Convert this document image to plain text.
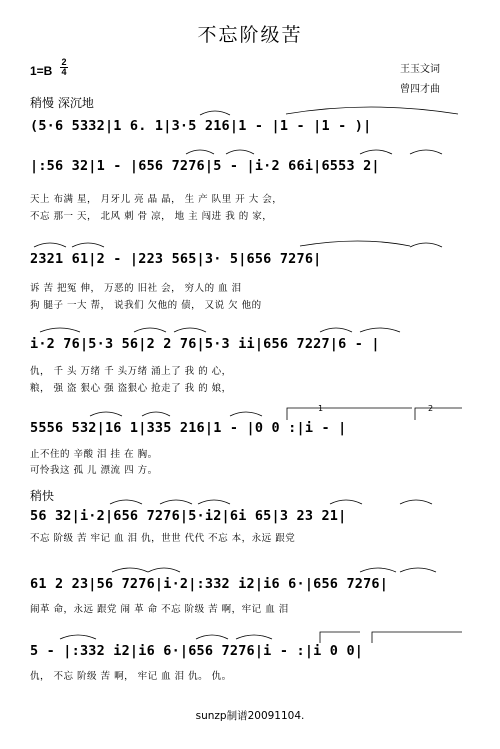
不忘阶级苦
1=B
2
4	王玉文词
曾四才曲
稍慢 深沉地
(5·6 5332|1 6. 1|3·5 216|1 - |1 - |1 - )|
|:56 32|1 - |656 7276|5 - |i·2 66i|6553 2|
天上 布满 星， 月牙儿 亮 晶 晶， 生 产 队里 开 大 会，
不忘 那一 天， 北风 刺 骨 凉， 地 主 闯进 我 的 家，
2321 61|2 - |223 565|3· 5|656 7276|
诉 苦 把冤 伸， 万恶的 旧社 会， 穷人的 血 泪
狗 腿子 一大 帮， 说我们 欠他的 债， 又说 欠 他的
i·2 76|5·3 56|2 2 76|5·3 ii|656 7227|6 - |
仇， 千 头 万绪 千 头万绪 涌上了 我 的 心，
粮， 强 盗 狠心 强 盗狠心 抢走了 我 的 娘，
5556 532|16 1|335 216|1 - |0 0 :|i - |
止不住的 辛酸 泪 挂 在 胸。
可怜我这 孤 儿 漂流 四 方。
稍快
56 32|i·2|656 7276|5·i2|6i 65|3 23 21|
不忘 阶级 苦 牢记 血 泪 仇，世世 代代 不忘 本，永远 跟党
61 2 23|56 7276|i·2|:332 i2|i6 6·|656 7276|
闹革 命，永远 跟党 闹 革 命 不忘 阶级 苦 啊，牢记 血 泪
5 - |:332 i2|i6 6·|656 7276|i - :|i 0 0|
仇， 不忘 阶级 苦 啊， 牢记 血 泪 仇。 仇。
1	2
sunzp制谱20091104.
